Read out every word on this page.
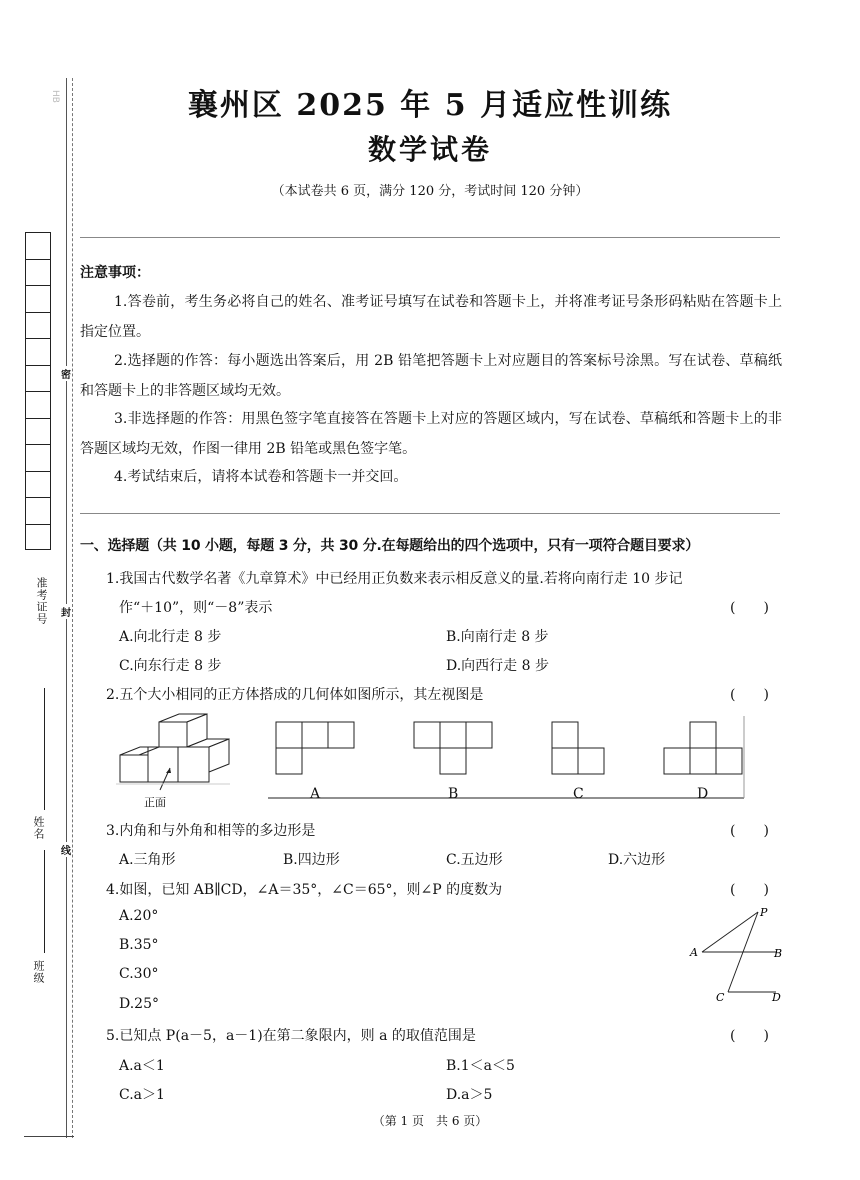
HB
准考证号
姓名
班级
密
封
线
襄州区 2025 年 5 月适应性训练
数学试卷
（本试卷共 6 页，满分 120 分，考试时间 120 分钟）
注意事项：
1.答卷前，考生务必将自己的姓名、准考证号填写在试卷和答题卡上，并将准考证号条形码粘贴在答题卡上指定位置。
2.选择题的作答：每小题选出答案后，用 2B 铅笔把答题卡上对应题目的答案标号涂黑。写在试卷、草稿纸和答题卡上的非答题区域均无效。
3.非选择题的作答：用黑色签字笔直接答在答题卡上对应的答题区域内，写在试卷、草稿纸和答题卡上的非答题区域均无效，作图一律用 2B 铅笔或黑色签字笔。
4.考试结束后，请将本试卷和答题卡一并交回。
一、选择题（共 10 小题，每题 3 分，共 30 分.在每题给出的四个选项中，只有一项符合题目要求）
1.我国古代数学名著《九章算术》中已经用正负数来表示相反意义的量.若将向南行走 10 步记
作“＋10”，则“－8”表示	(　　)
A.向北行走 8 步	B.向南行走 8 步
C.向东行走 8 步	D.向西行走 8 步
2.五个大小相同的正方体搭成的几何体如图所示，其左视图是	(　　)
正面
A	B	C	D
3.内角和与外角和相等的多边形是	(　　)
A.三角形	B.四边形	C.五边形	D.六边形
4.如图，已知 AB∥CD，∠A＝35°，∠C＝65°，则∠P 的度数为	(　　)
A.20°
B.35°
C.30°
D.25°
P
A	B
C	D
5.已知点 P(a－5，a－1)在第二象限内，则 a 的取值范围是	(　　)
A.a＜1	B.1＜a＜5
C.a＞1	D.a＞5
（第 1 页　共 6 页）
